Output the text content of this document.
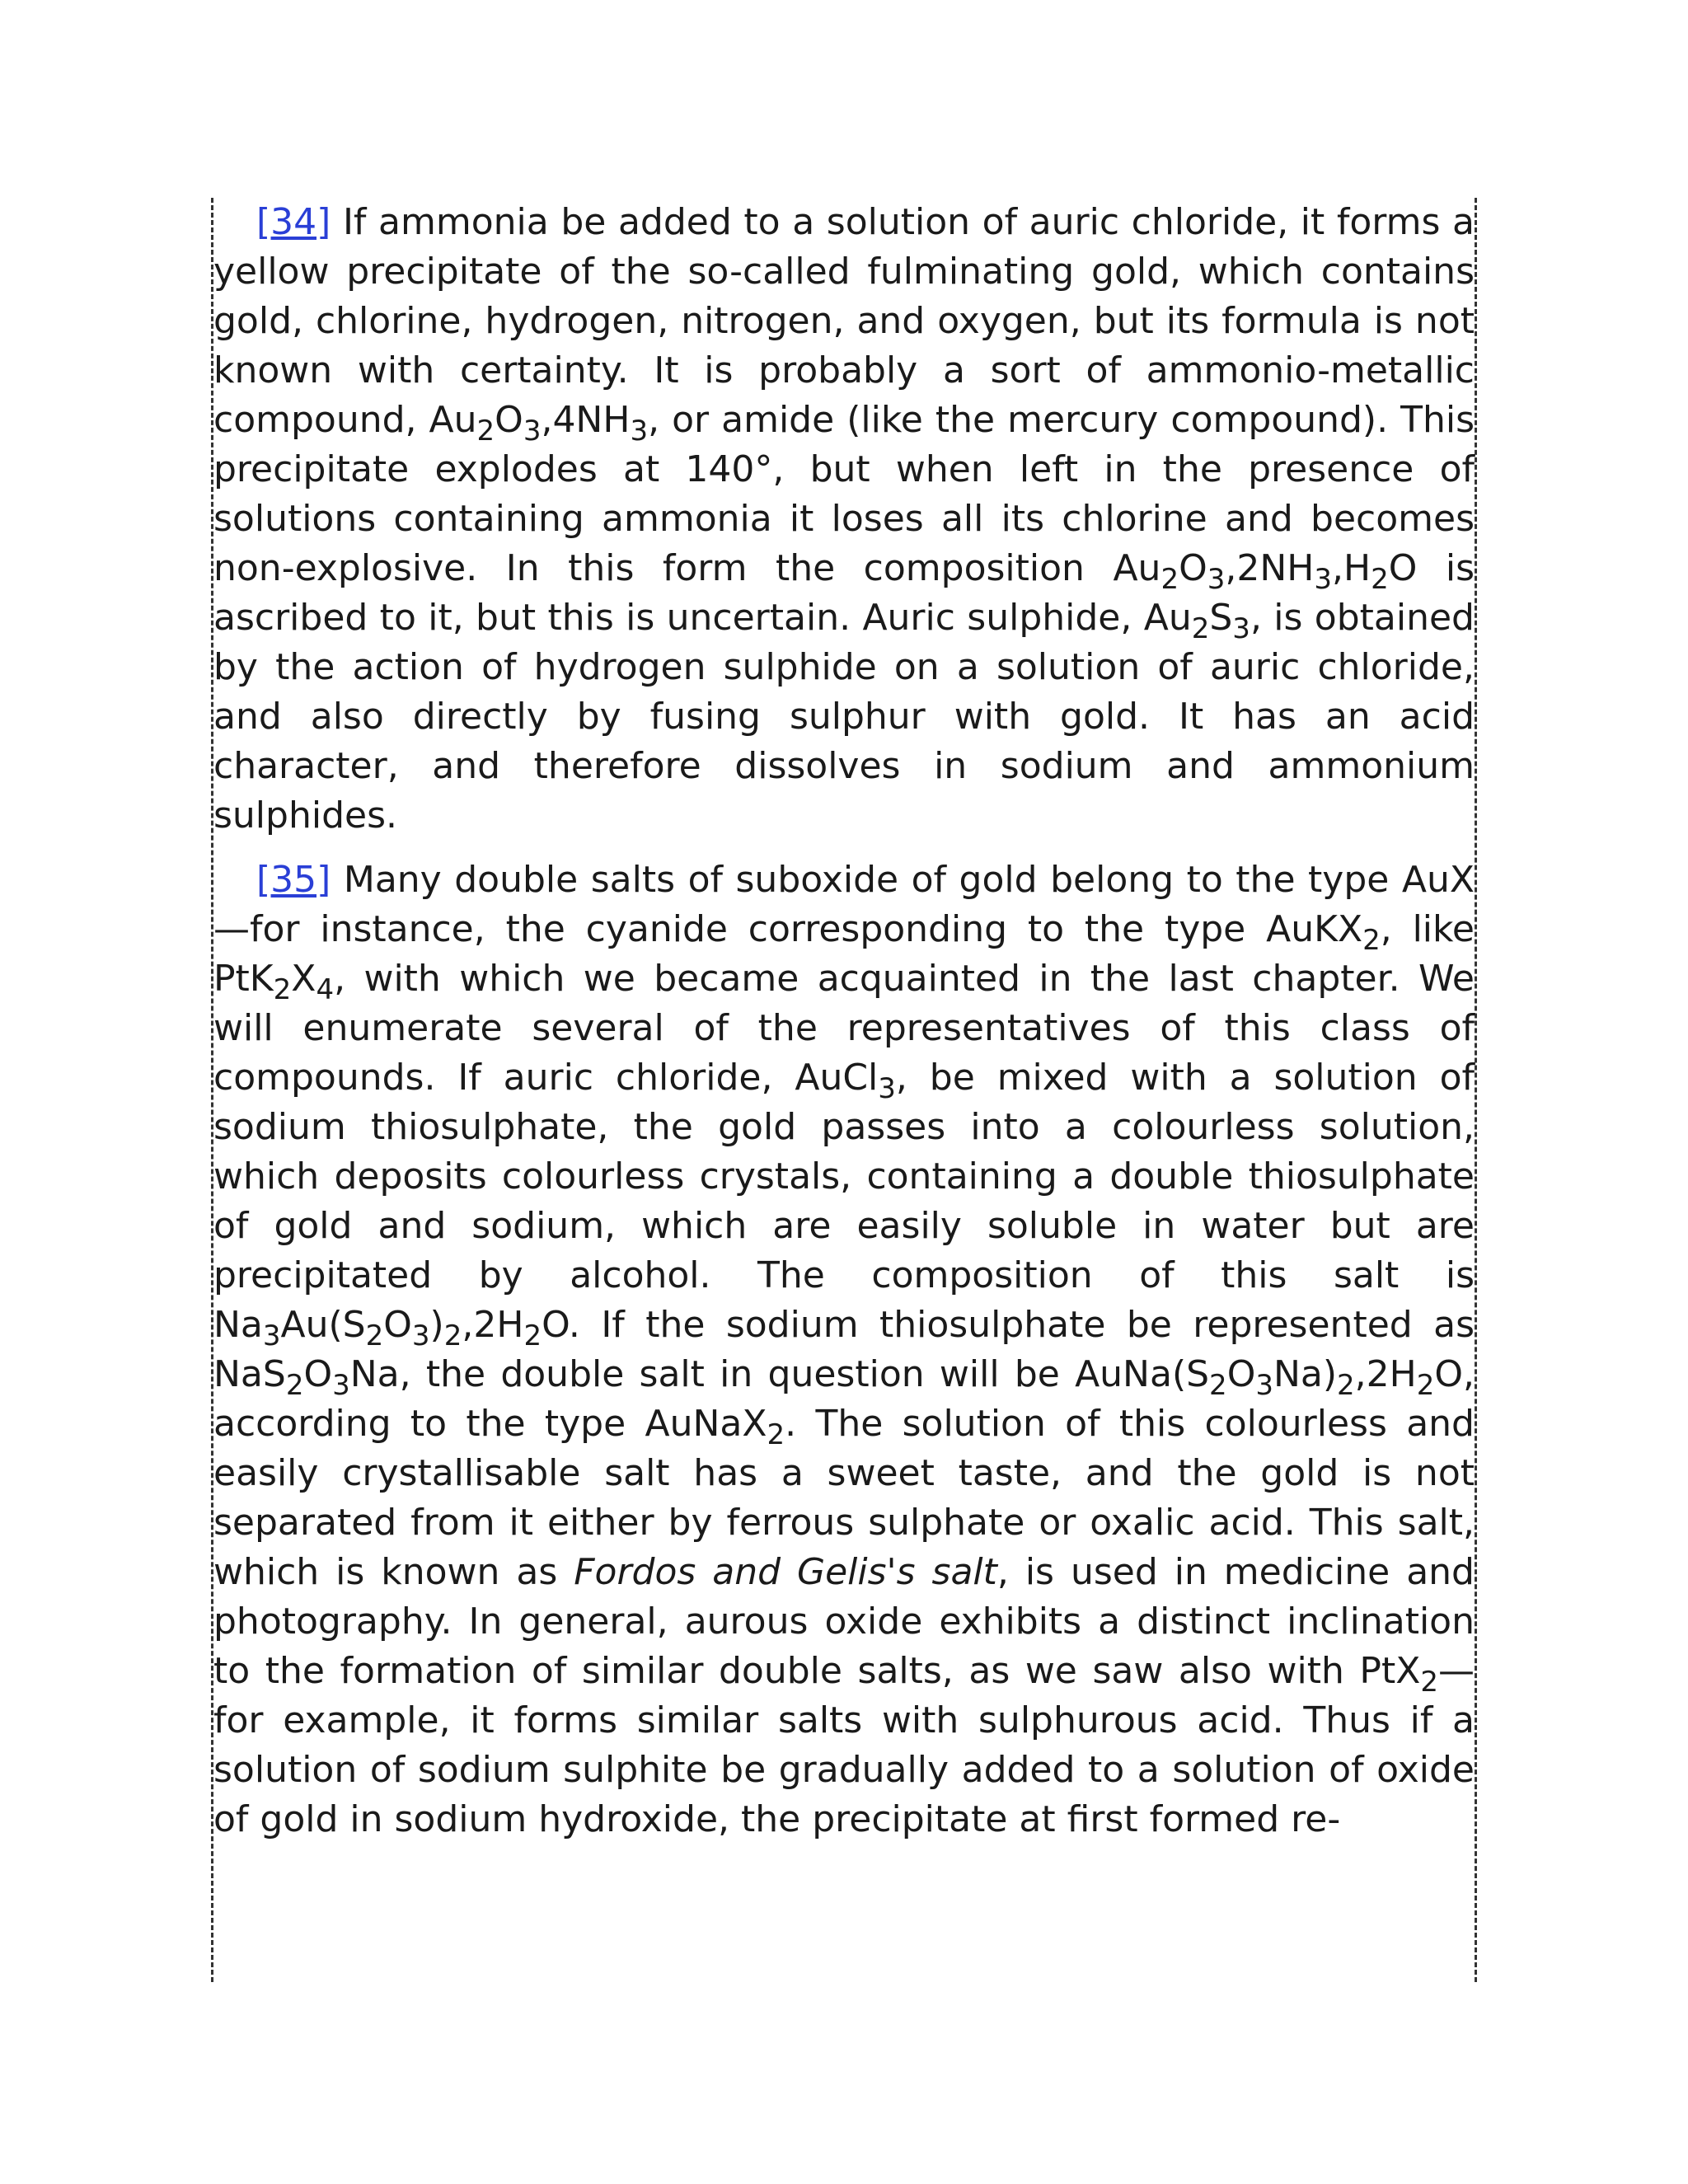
[34] If ammonia be added to a solution of auric chloride, it forms a yellow precipitate of the so-called fulminating gold, which contains gold, chlorine, hydrogen, nitrogen, and oxygen, but its formula is not known with certainty. It is probably a sort of ammonio-metallic compound, $Au_2O_3,4NH_3$, or amide (like the mercury compound). This precipitate explodes at 140°, but when left in the presence of solutions containing ammonia it loses all its chlorine and becomes non-explosive. In this form the composition $Au_2O_3,2NH_3,H_2O$ is ascribed to it, but this is uncertain. Auric sulphide, $Au_2S_3$, is obtained by the action of hydrogen sulphide on a solution of auric chloride, and also directly by fusing sulphur with gold. It has an acid character, and therefore dissolves in sodium and ammonium sulphides.

[35] Many double salts of suboxide of gold belong to the type AuX—for instance, the cyanide corresponding to the type AuKX$_2$, like $PtK_2X_4$, with which we became acquainted in the last chapter. We will enumerate several of the representatives of this class of compounds. If auric chloride, AuCl$_3$, be mixed with a solution of sodium thiosulphate, the gold passes into a colourless solution, which deposits colourless crystals, containing a double thiosulphate of gold and sodium, which are easily soluble in water but are precipitated by alcohol. The composition of this salt is $Na_3Au(S_2O_3)_2,2H_2O$. If the sodium thiosulphate be represented as $NaS_2O_3Na$, the double salt in question will be $AuNa(S_2O_3Na)_2,2H_2O$, according to the type AuNaX$_2$. The solution of this colourless and easily crystallisable salt has a sweet taste, and the gold is not separated from it either by ferrous sulphate or oxalic acid. This salt, which is known as Fordos and Gelis's salt, is used in medicine and photography. In general, aurous oxide exhibits a distinct inclination to the formation of similar double salts, as we saw also with PtX$_2$—for example, it forms similar salts with sulphurous acid. Thus if a solution of sodium sulphite be gradually added to a solution of oxide of gold in sodium hydroxide, the precipitate at first formed re-
